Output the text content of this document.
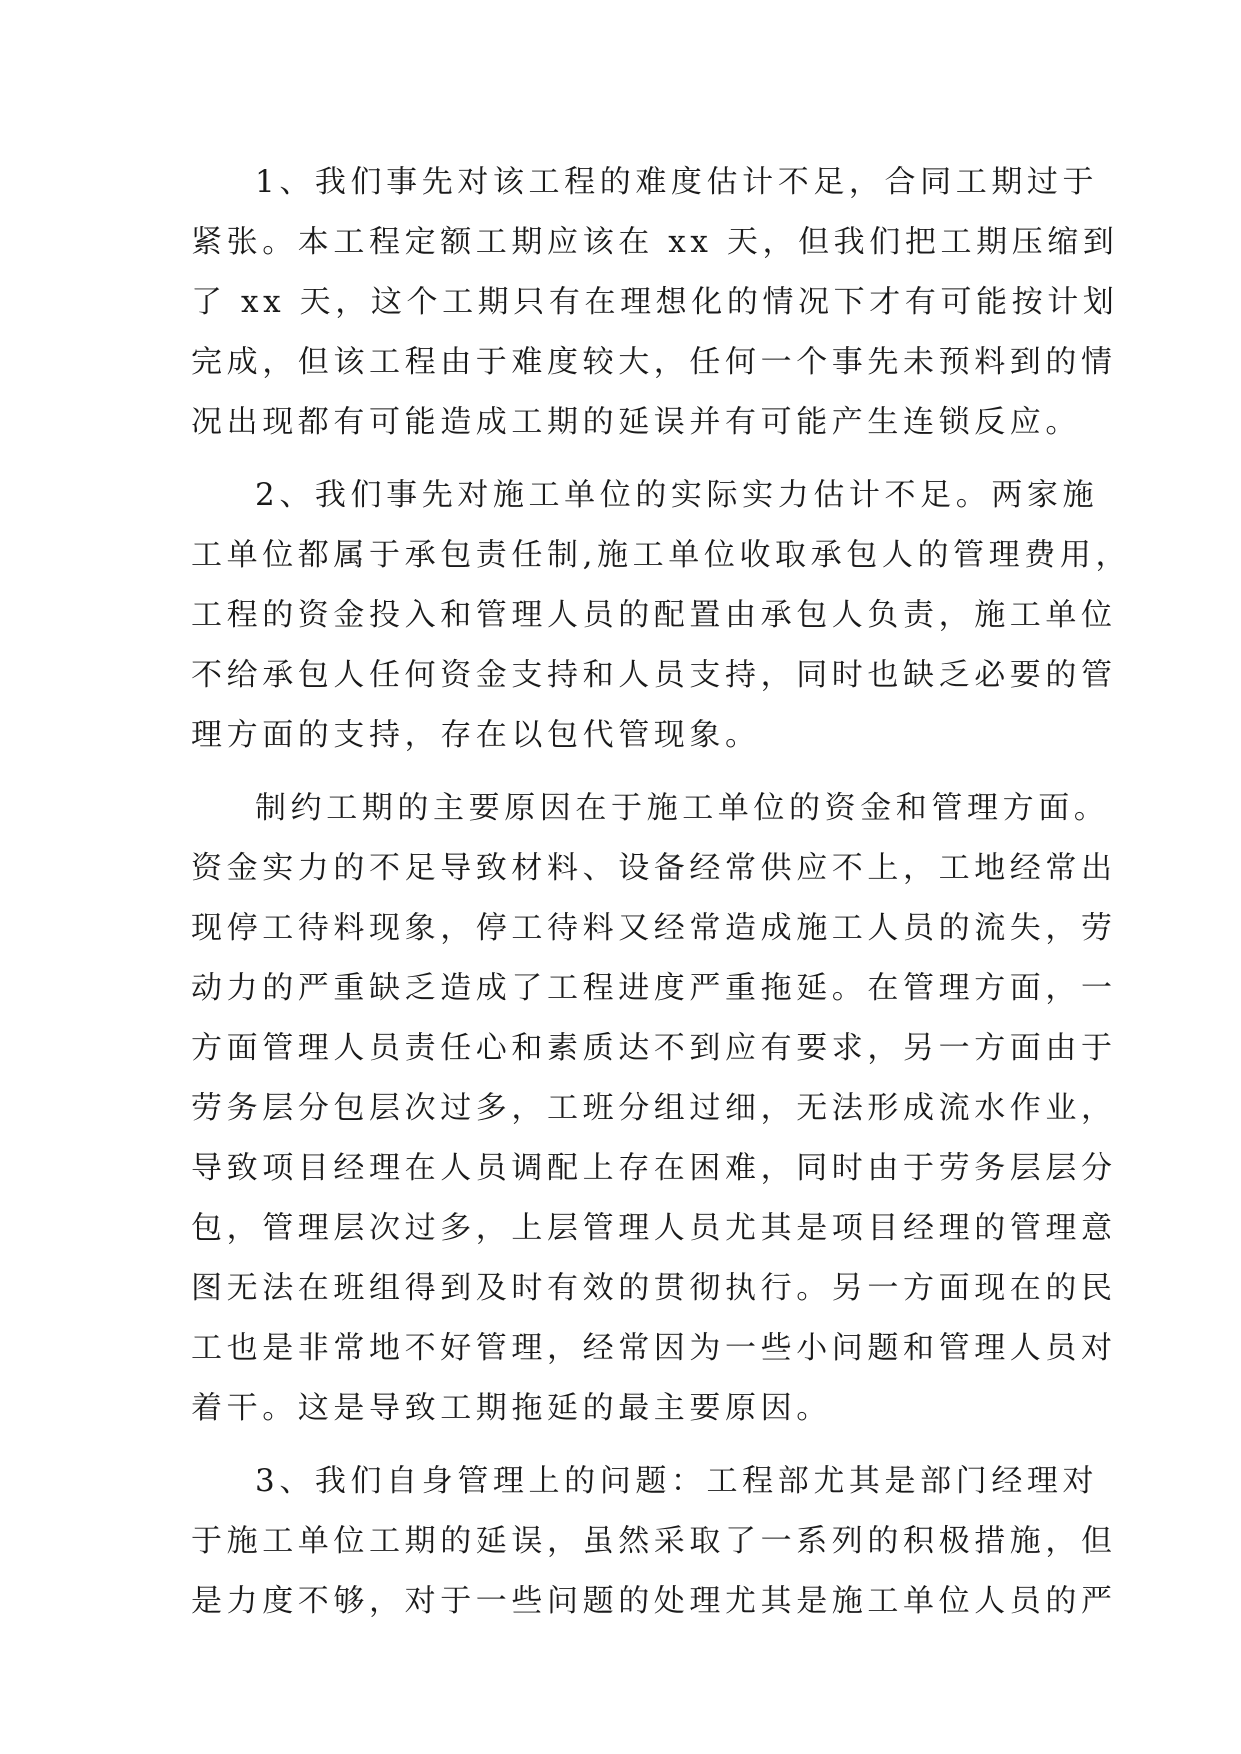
1、我们事先对该工程的难度估计不足，合同工期过于
紧张。本工程定额工期应该在 xx 天，但我们把工期压缩到
了 xx 天，这个工期只有在理想化的情况下才有可能按计划
完成，但该工程由于难度较大，任何一个事先未预料到的情
况出现都有可能造成工期的延误并有可能产生连锁反应。
2、我们事先对施工单位的实际实力估计不足。两家施
工单位都属于承包责任制,施工单位收取承包人的管理费用，
工程的资金投入和管理人员的配置由承包人负责，施工单位
不给承包人任何资金支持和人员支持，同时也缺乏必要的管
理方面的支持，存在以包代管现象。
制约工期的主要原因在于施工单位的资金和管理方面。
资金实力的不足导致材料、设备经常供应不上，工地经常出
现停工待料现象，停工待料又经常造成施工人员的流失，劳
动力的严重缺乏造成了工程进度严重拖延。在管理方面，一
方面管理人员责任心和素质达不到应有要求，另一方面由于
劳务层分包层次过多，工班分组过细，无法形成流水作业，
导致项目经理在人员调配上存在困难，同时由于劳务层层分
包，管理层次过多，上层管理人员尤其是项目经理的管理意
图无法在班组得到及时有效的贯彻执行。另一方面现在的民
工也是非常地不好管理，经常因为一些小问题和管理人员对
着干。这是导致工期拖延的最主要原因。
3、我们自身管理上的问题：工程部尤其是部门经理对
于施工单位工期的延误，虽然采取了一系列的积极措施，但
是力度不够，对于一些问题的处理尤其是施工单位人员的严
